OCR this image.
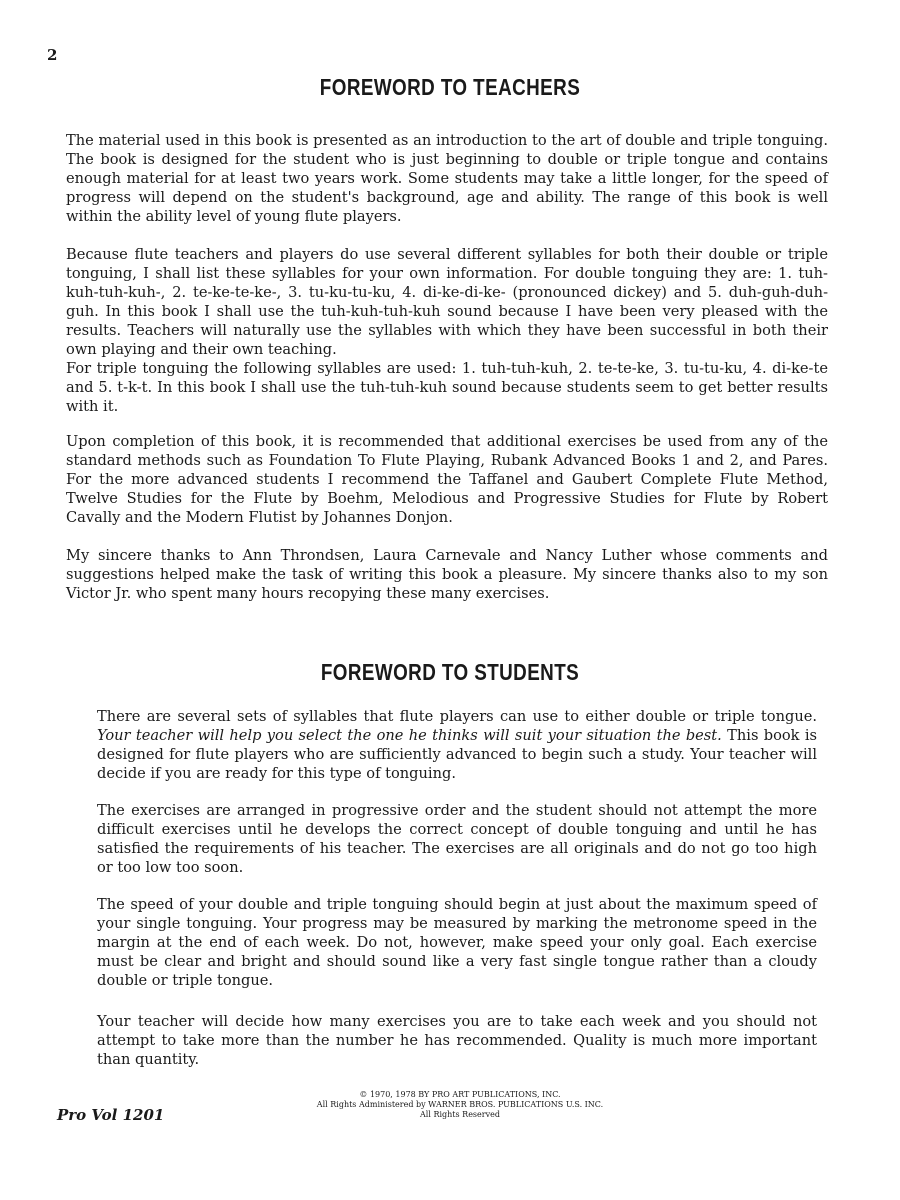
2
FOREWORD TO TEACHERS

The material used in this book is presented as an introduction to the art of double and triple tonguing. The book is designed for the student who is just beginning to double or triple tongue and contains enough material for at least two years work. Some students may take a little longer, for the speed of progress will depend on the student's background, age and ability. The range of this book is well within the ability level of young flute players.

Because flute teachers and players do use several different syllables for both their double or triple tonguing, I shall list these syllables for your own information. For double tonguing they are: 1. tuh-kuh-tuh-kuh-, 2. te-ke-te-ke-, 3. tu-ku-tu-ku, 4. di-ke-di-ke- (pronounced dickey) and 5. duh-guh-duh-guh. In this book I shall use the tuh-kuh-tuh-kuh sound because I have been very pleased with the results. Teachers will naturally use the syllables with which they have been successful in both their own playing and their own teaching.

For triple tonguing the following syllables are used: 1. tuh-tuh-kuh, 2. te-te-ke, 3. tu-tu-ku, 4. di-ke-te and 5. t-k-t. In this book I shall use the tuh-tuh-kuh sound because students seem to get better results with it.

Upon completion of this book, it is recommended that additional exercises be used from any of the standard methods such as Foundation To Flute Playing, Rubank Advanced Books 1 and 2, and Pares. For the more advanced students I recommend the Taffanel and Gaubert Complete Flute Method, Twelve Studies for the Flute by Boehm, Melodious and Progressive Studies for Flute by Robert Cavally and the Modern Flutist by Johannes Donjon.

My sincere thanks to Ann Throndsen, Laura Carnevale and Nancy Luther whose comments and suggestions helped make the task of writing this book a pleasure. My sincere thanks also to my son Victor Jr. who spent many hours recopying these many exercises.

FOREWORD TO STUDENTS

There are several sets of syllables that flute players can use to either double or triple tongue. Your teacher will help you select the one he thinks will suit your situation the best. This book is designed for flute players who are sufficiently advanced to begin such a study. Your teacher will decide if you are ready for this type of tonguing.

The exercises are arranged in progressive order and the student should not attempt the more difficult exercises until he develops the correct concept of double tonguing and until he has satisfied the requirements of his teacher. The exercises are all originals and do not go too high or too low too soon.

The speed of your double and triple tonguing should begin at just about the maximum speed of your single tonguing. Your progress may be measured by marking the metronome speed in the margin at the end of each week. Do not, however, make speed your only goal. Each exercise must be clear and bright and should sound like a very fast single tongue rather than a cloudy double or triple tongue.

Your teacher will decide how many exercises you are to take each week and you should not attempt to take more than the number he has recommended. Quality is much more important than quantity.

Pro Vol 1201
© 1970, 1978 BY PRO ART PUBLICATIONS, INC.
All Rights Administered by WARNER BROS. PUBLICATIONS U.S. INC.
All Rights Reserved
